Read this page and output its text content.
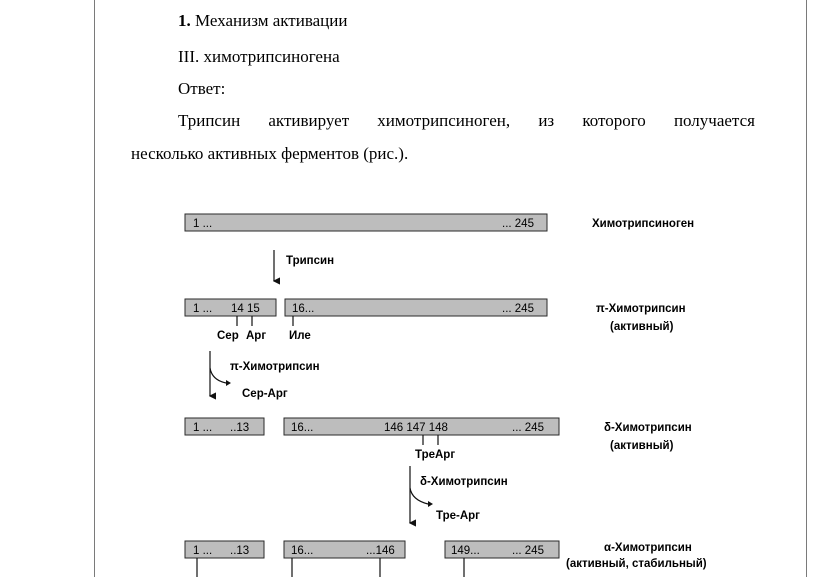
1. Механизм активации
III. химотрипсиногена
Ответ:
Трипсин активирует химотрипсиноген, из которого получается
несколько активных ферментов (рис.).
1 ...	... 245	Химотрипсиноген
Трипсин
1 ... 14 15	16...	... 245
Сер Арг Иле
π-Химотрипсин
(активный)
π-Химотрипсин
Сер-Арг
1 ... ..13	16...	146 147 148	... 245
ТреАрг
δ-Химотрипсин
(активный)
δ-Химотрипсин
Тре-Арг
1 ... ..13	16...	...146	149...	... 245	α-Химотрипсин
(активный, стабильный)
